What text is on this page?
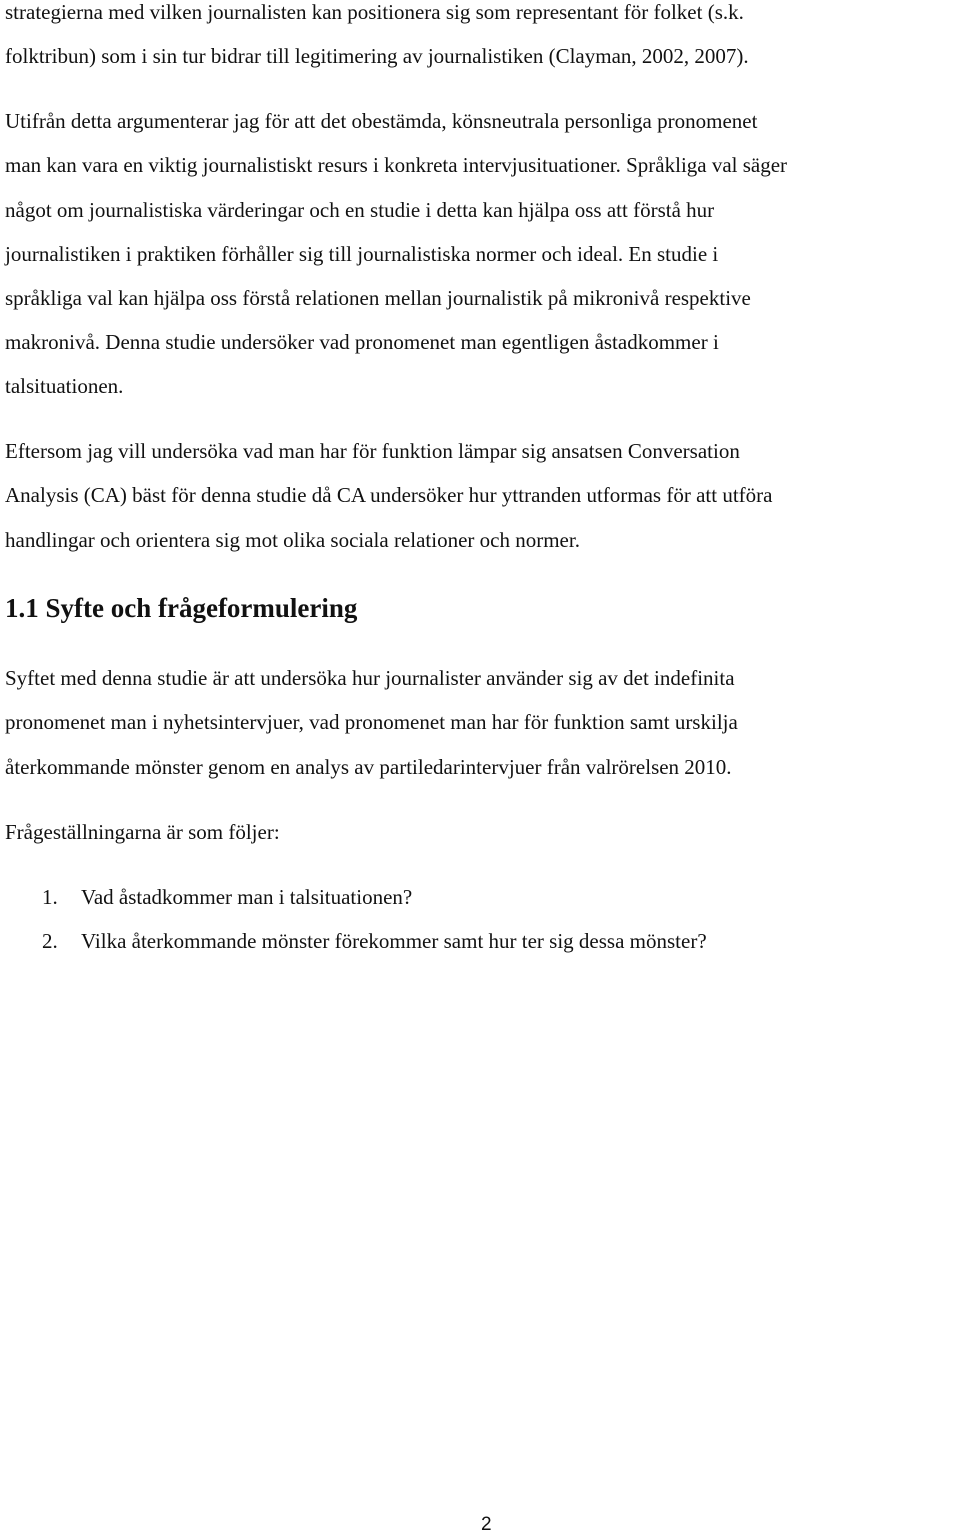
strategierna med vilken journalisten kan positionera sig som representant för folket (s.k.
folktribun) som i sin tur bidrar till legitimering av journalistiken (Clayman, 2002, 2007).
Utifrån detta argumenterar jag för att det obestämda, könsneutrala personliga pronomenet
man kan vara en viktig journalistiskt resurs i konkreta intervjusituationer. Språkliga val säger
något om journalistiska värderingar och en studie i detta kan hjälpa oss att förstå hur
journalistiken i praktiken förhåller sig till journalistiska normer och ideal. En studie i
språkliga val kan hjälpa oss förstå relationen mellan journalistik på mikronivå respektive
makronivå. Denna studie undersöker vad pronomenet man egentligen åstadkommer i
talsituationen.
Eftersom jag vill undersöka vad man har för funktion lämpar sig ansatsen Conversation
Analysis (CA) bäst för denna studie då CA undersöker hur yttranden utformas för att utföra
handlingar och orientera sig mot olika sociala relationer och normer.
1.1 Syfte och frågeformulering
Syftet med denna studie är att undersöka hur journalister använder sig av det indefinita
pronomenet man i nyhetsintervjuer, vad pronomenet man har för funktion samt urskilja
återkommande mönster genom en analys av partiledarintervjuer från valrörelsen 2010.
Frågeställningarna är som följer:
1. Vad åstadkommer man i talsituationen?
2. Vilka återkommande mönster förekommer samt hur ter sig dessa mönster?
2
